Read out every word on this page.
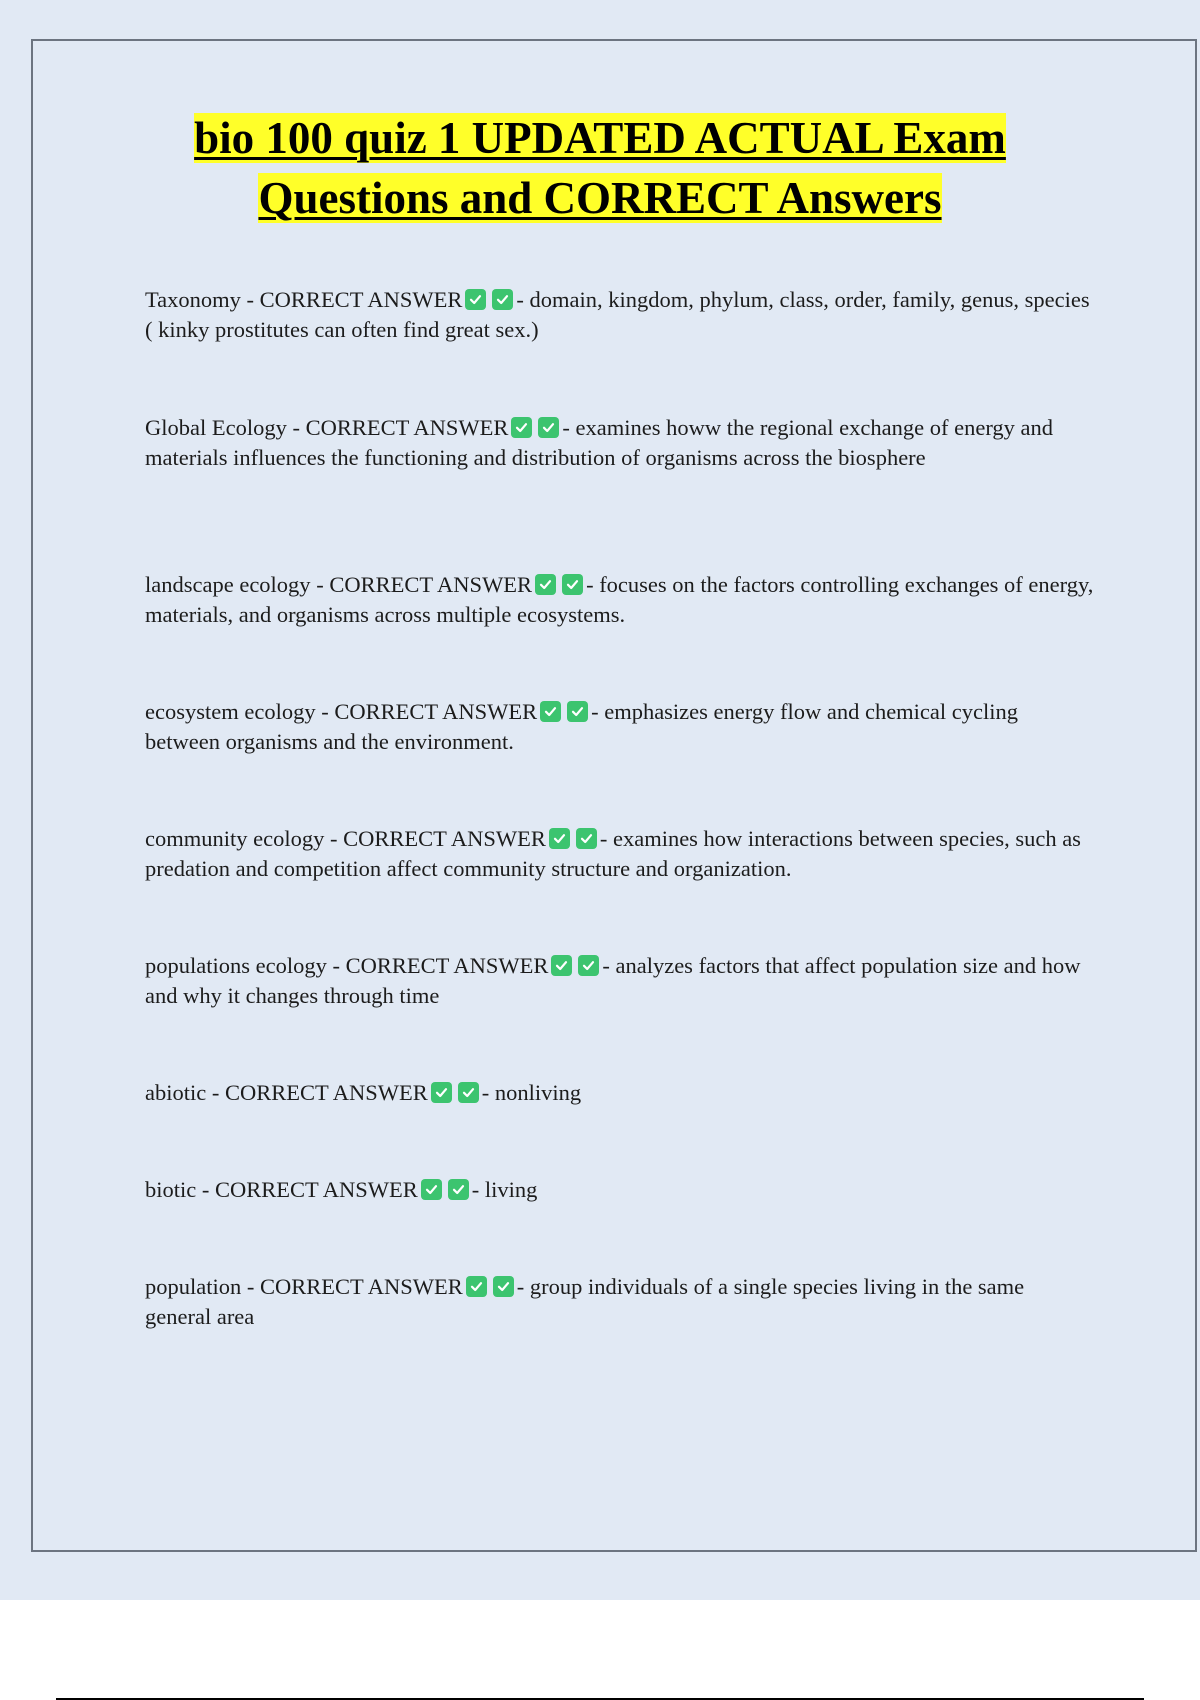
bio 100 quiz 1 UPDATED ACTUAL Exam
Questions and CORRECT Answers

Taxonomy - CORRECT ANSWER - domain, kingdom, phylum, class, order, family, genus, species ( kinky prostitutes can often find great sex.)

Global Ecology - CORRECT ANSWER - examines howw the regional exchange of energy and materials influences the functioning and distribution of organisms across the biosphere

landscape ecology - CORRECT ANSWER - focuses on the factors controlling exchanges of energy, materials, and organisms across multiple ecosystems.

ecosystem ecology - CORRECT ANSWER - emphasizes energy flow and chemical cycling between organisms and the environment.

community ecology - CORRECT ANSWER - examines how interactions between species, such as predation and competition affect community structure and organization.

populations ecology - CORRECT ANSWER - analyzes factors that affect population size and how and why it changes through time

abiotic - CORRECT ANSWER - nonliving

biotic - CORRECT ANSWER - living

population - CORRECT ANSWER - group individuals of a single species living in the same general area
